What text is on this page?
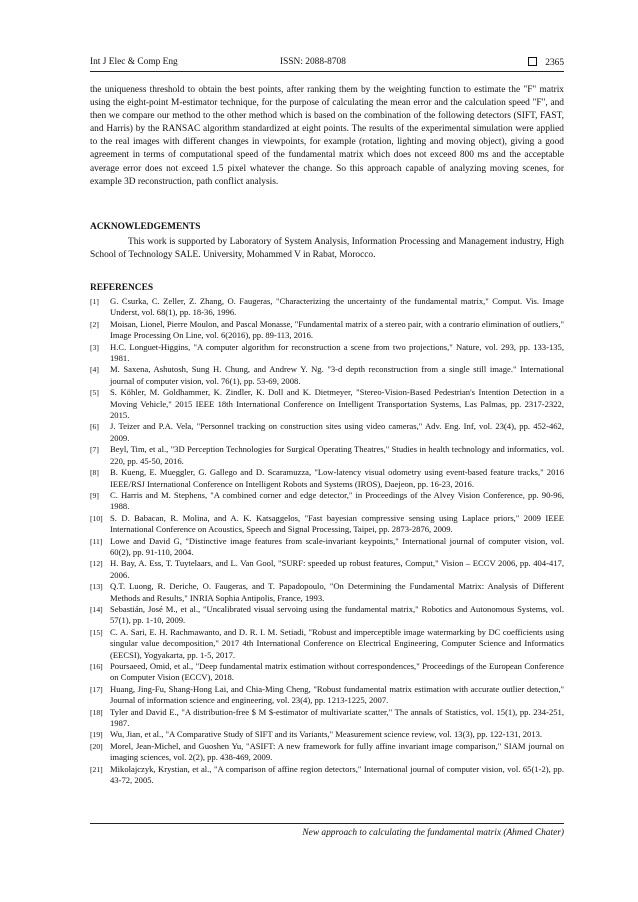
Int J Elec & Comp Eng	ISSN: 2088-8708	2365

the uniqueness threshold to obtain the best points, after ranking them by the weighting function to estimate the "F" matrix using the eight-point M-estimator technique, for the purpose of calculating the mean error and the calculation speed "F", and then we compare our method to the other method which is based on the combination of the following detectors (SIFT, FAST, and Harris) by the RANSAC algorithm standardized at eight points. The results of the experimental simulation were applied to the real images with different changes in viewpoints, for example (rotation, lighting and moving object), giving a good agreement in terms of computational speed of the fundamental matrix which does not exceed 800 ms and the acceptable average error does not exceed 1.5 pixel whatever the change. So this approach capable of analyzing moving scenes, for example 3D reconstruction, path conflict analysis.

ACKNOWLEDGEMENTS

This work is supported by Laboratory of System Analysis, Information Processing and Management industry, High School of Technology SALE. University, Mohammed V in Rabat, Morocco.

REFERENCES
[1] G. Csurka, C. Zeller, Z. Zhang, O. Faugeras, "Characterizing the uncertainty of the fundamental matrix," Comput. Vis. Image Underst, vol. 68(1), pp. 18-36, 1996.
[2] Moisan, Lionel, Pierre Moulon, and Pascal Monasse, "Fundamental matrix of a stereo pair, with a contrario elimination of outliers," Image Processing On Line, vol. 6(2016), pp. 89-113, 2016.
[3] H.C. Longuet-Higgins, "A computer algorithm for reconstruction a scene from two projections," Nature, vol. 293, pp. 133-135, 1981.
[4] M. Saxena, Ashutosh, Sung H. Chung, and Andrew Y. Ng. "3-d depth reconstruction from a single still image." International journal of computer vision, vol. 76(1), pp. 53-69, 2008.
[5] S. Köhler, M. Goldhammer, K. Zindler, K. Doll and K. Dietmeyer, "Stereo-Vision-Based Pedestrian's Intention Detection in a Moving Vehicle," 2015 IEEE 18th International Conference on Intelligent Transportation Systems, Las Palmas, pp. 2317-2322, 2015.
[6] J. Teizer and P.A. Vela, "Personnel tracking on construction sites using video cameras," Adv. Eng. Inf, vol. 23(4), pp. 452-462, 2009.
[7] Beyl, Tim, et al., "3D Perception Technologies for Surgical Operating Theatres," Studies in health technology and informatics, vol. 220, pp. 45-50, 2016.
[8] B. Kueng, E. Mueggler, G. Gallego and D. Scaramuzza, "Low-latency visual odometry using event-based feature tracks," 2016 IEEE/RSJ International Conference on Intelligent Robots and Systems (IROS), Daejeon, pp. 16-23, 2016.
[9] C. Harris and M. Stephens, "A combined corner and edge detector," in Proceedings of the Alvey Vision Conference, pp. 90-96, 1988.
[10] S. D. Babacan, R. Molina, and A. K. Katsaggelos, "Fast bayesian compressive sensing using Laplace priors," 2009 IEEE International Conference on Acoustics, Speech and Signal Processing, Taipei, pp. 2873-2876, 2009.
[11] Lowe and David G, "Distinctive image features from scale-invariant keypoints," International journal of computer vision, vol. 60(2), pp. 91-110, 2004.
[12] H. Bay, A. Ess, T. Tuytelaars, and L. Van Gool, "SURF: speeded up robust features, Comput," Vision – ECCV 2006, pp. 404-417, 2006.
[13] Q.T. Luong, R. Deriche, O. Faugeras, and T. Papadopoulo, "On Determining the Fundamental Matrix: Analysis of Different Methods and Results," INRIA Sophia Antipolis, France, 1993.
[14] Sebastián, José M., et al., "Uncalibrated visual servoing using the fundamental matrix," Robotics and Autonomous Systems, vol. 57(1), pp. 1-10, 2009.
[15] C. A. Sari, E. H. Rachmawanto, and D. R. I. M. Setiadi, "Robust and imperceptible image watermarking by DC coefficients using singular value decomposition," 2017 4th International Conference on Electrical Engineering, Computer Science and Informatics (EECSI), Yogyakarta, pp. 1-5, 2017.
[16] Poursaeed, Omid, et al., "Deep fundamental matrix estimation without correspondences," Proceedings of the European Conference on Computer Vision (ECCV), 2018.
[17] Huang, Jing-Fu, Shang-Hong Lai, and Chia-Ming Cheng, "Robust fundamental matrix estimation with accurate outlier detection," Journal of information science and engineering, vol. 23(4), pp. 1213-1225, 2007.
[18] Tyler and David E., "A distribution-free $ M $-estimator of multivariate scatter," The annals of Statistics, vol. 15(1), pp. 234-251, 1987.
[19] Wu, Jian, et al., "A Comparative Study of SIFT and its Variants," Measurement science review, vol. 13(3), pp. 122-131, 2013.
[20] Morel, Jean-Michel, and Guoshen Yu, "ASIFT: A new framework for fully affine invariant image comparison," SIAM journal on imaging sciences, vol. 2(2), pp. 438-469, 2009.
[21] Mikolajczyk, Krystian, et al., "A comparison of affine region detectors," International journal of computer vision, vol. 65(1-2), pp. 43-72, 2005.
New approach to calculating the fundamental matrix (Ahmed Chater)
